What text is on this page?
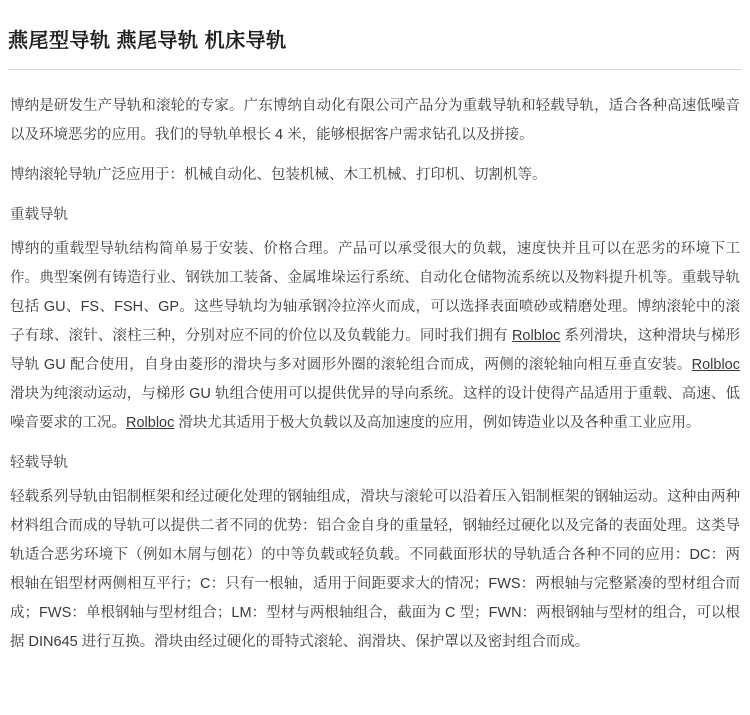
燕尾型导轨 燕尾导轨 机床导轨

博纳是研发生产导轨和滚轮的专家。广东博纳自动化有限公司产品分为重载导轨和轻载导轨，适合各种高速低噪音以及环境恶劣的应用。我们的导轨单根长 4 米，能够根据客户需求钻孔以及拼接。

博纳滚轮导轨广泛应用于：机械自动化、包装机械、木工机械、打印机、切割机等。

重载导轨

博纳的重载型导轨结构简单易于安装、价格合理。产品可以承受很大的负载，速度快并且可以在恶劣的环境下工作。典型案例有铸造行业、钢铁加工装备、金属堆垛运行系统、自动化仓储物流系统以及物料提升机等。重载导轨包括 GU、FS、FSH、GP。这些导轨均为轴承钢冷拉淬火而成，可以选择表面喷砂或精磨处理。博纳滚轮中的滚子有球、滚针、滚柱三种，分别对应不同的价位以及负载能力。同时我们拥有 Rolbloc 系列滑块，这种滑块与梯形导轨 GU 配合使用，自身由菱形的滑块与多对圆形外圈的滚轮组合而成，两侧的滚轮轴向相互垂直安装。Rolbloc 滑块为纯滚动运动，与梯形 GU 轨组合使用可以提供优异的导向系统。这样的设计使得产品适用于重载、高速、低噪音要求的工况。Rolbloc 滑块尤其适用于极大负载以及高加速度的应用，例如铸造业以及各种重工业应用。

轻载导轨

轻载系列导轨由铝制框架和经过硬化处理的钢轴组成，滑块与滚轮可以沿着压入铝制框架的钢轴运动。这种由两种材料组合而成的导轨可以提供二者不同的优势：铝合金自身的重量轻，钢轴经过硬化以及完备的表面处理。这类导轨适合恶劣环境下（例如木屑与刨花）的中等负载或轻负载。不同截面形状的导轨适合各种不同的应用：DC：两根轴在铝型材两侧相互平行；C：只有一根轴，适用于间距要求大的情况；FWS：两根轴与完整紧凑的型材组合而成；FWS：单根钢轴与型材组合；LM：型材与两根轴组合，截面为 C 型；FWN：两根钢轴与型材的组合，可以根据 DIN645 进行互换。滑块由经过硬化的哥特式滚轮、润滑块、保护罩以及密封组合而成。
